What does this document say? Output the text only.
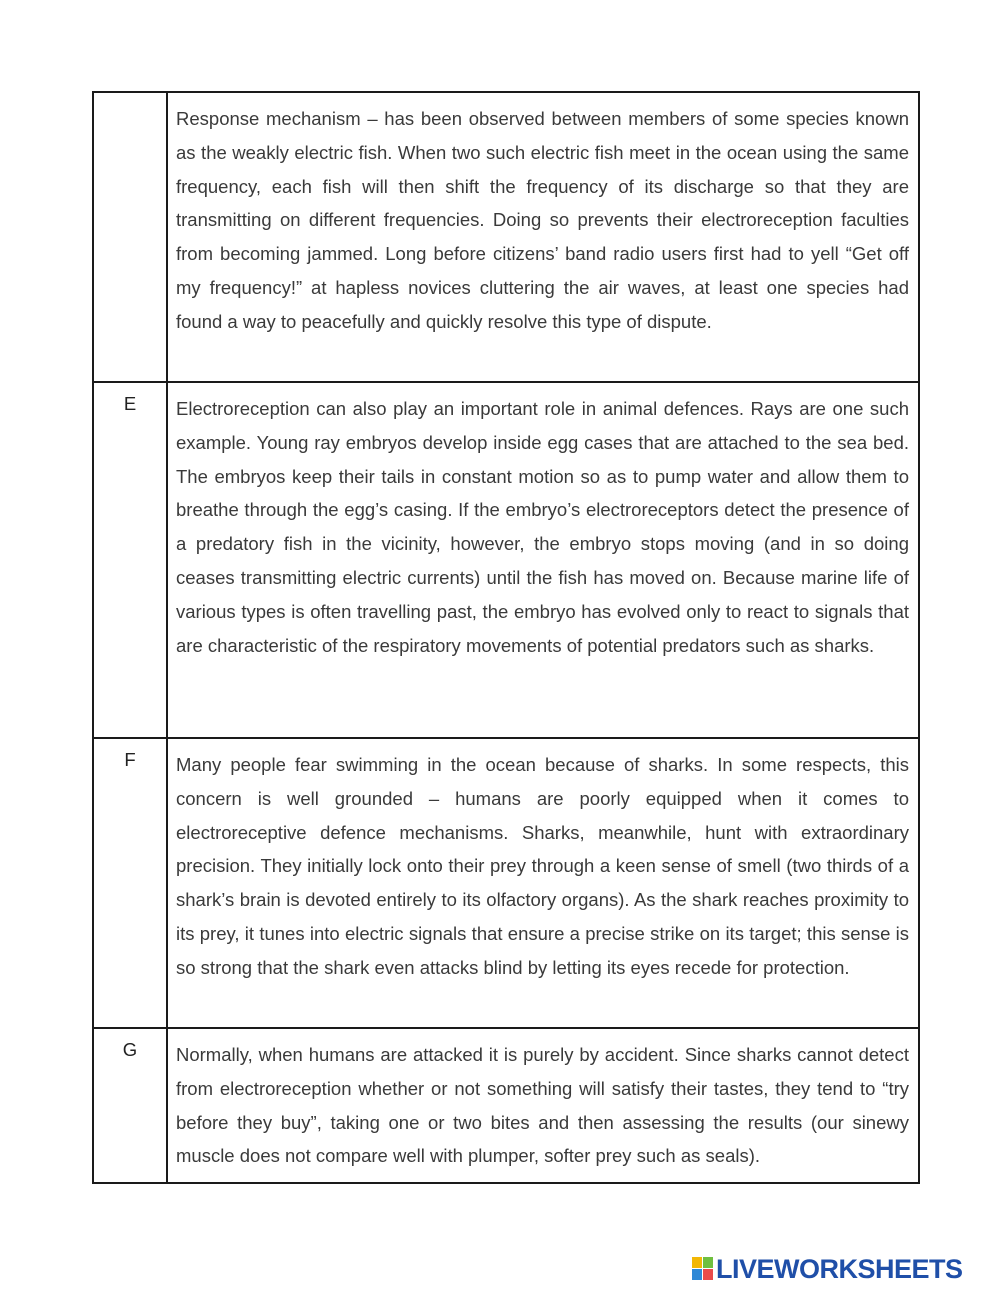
	Response mechanism – has been observed between members of some species known as the weakly electric fish. When two such electric fish meet in the ocean using the same frequency, each fish will then shift the frequency of its discharge so that they are transmitting on different frequencies. Doing so prevents their electroreception faculties from becoming jammed. Long before citizens’ band radio users first had to yell “Get off my frequency!” at hapless novices cluttering the air waves, at least one species had found a way to peacefully and quickly resolve this type of dispute.

E	Electroreception can also play an important role in animal defences. Rays are one such example. Young ray embryos develop inside egg cases that are attached to the sea bed. The embryos keep their tails in constant motion so as to pump water and allow them to breathe through the egg’s casing. If the embryo’s electroreceptors detect the presence of a predatory fish in the vicinity, however, the embryo stops moving (and in so doing ceases transmitting electric currents) until the fish has moved on. Because marine life of various types is often travelling past, the embryo has evolved only to react to signals that are characteristic of the respiratory movements of potential predators such as sharks.

F	Many people fear swimming in the ocean because of sharks. In some respects, this concern is well grounded – humans are poorly equipped when it comes to electroreceptive defence mechanisms. Sharks, meanwhile, hunt with extraordinary precision. They initially lock onto their prey through a keen sense of smell (two thirds of a shark’s brain is devoted entirely to its olfactory organs). As the shark reaches proximity to its prey, it tunes into electric signals that ensure a precise strike on its target; this sense is so strong that the shark even attacks blind by letting its eyes recede for protection.

G	Normally, when humans are attacked it is purely by accident. Since sharks cannot detect from electroreception whether or not something will satisfy their tastes, they tend to “try before they buy”, taking one or two bites and then assessing the results (our sinewy muscle does not compare well with plumper, softer prey such as seals).

LIVEWORKSHEETS
